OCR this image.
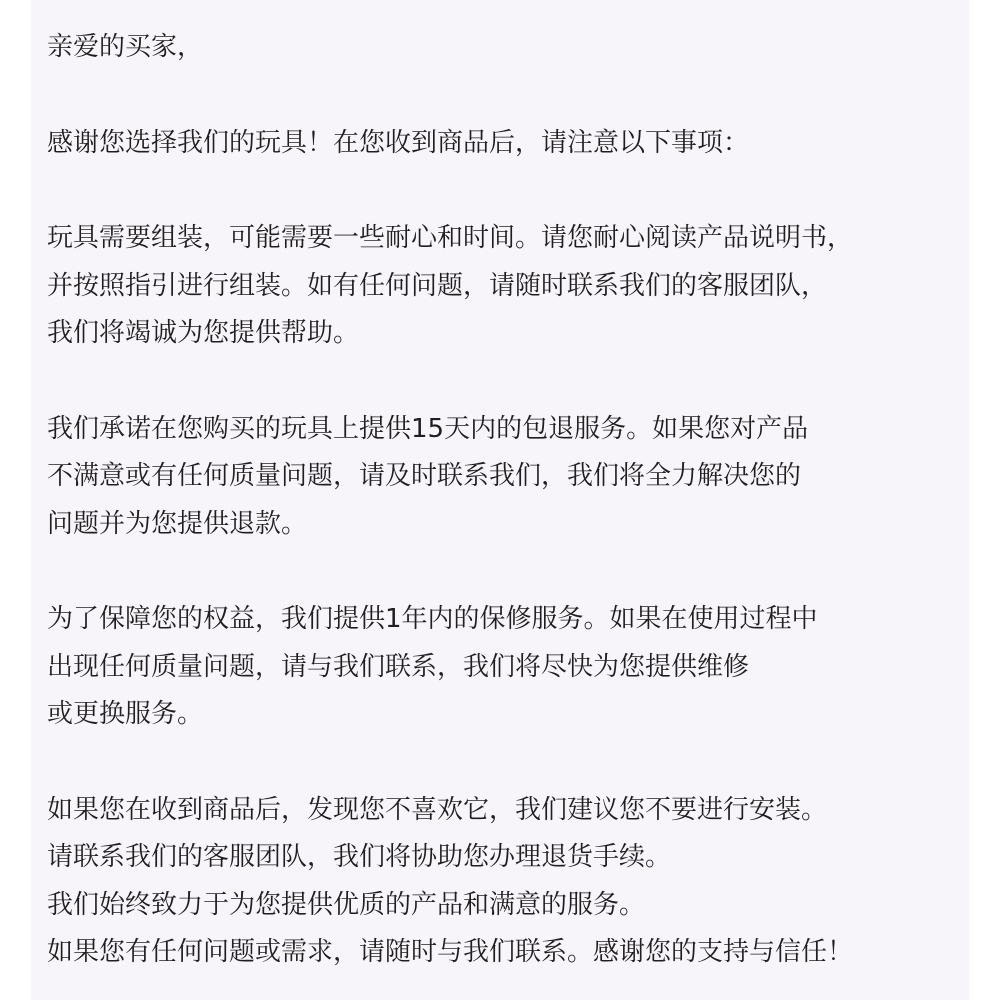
亲爱的买家，
感谢您选择我们的玩具！在您收到商品后，请注意以下事项：
玩具需要组装，可能需要一些耐心和时间。请您耐心阅读产品说明书，
并按照指引进行组装。如有任何问题，请随时联系我们的客服团队，
我们将竭诚为您提供帮助。
我们承诺在您购买的玩具上提供15天内的包退服务。如果您对产品
不满意或有任何质量问题，请及时联系我们，我们将全力解决您的
问题并为您提供退款。
为了保障您的权益，我们提供1年内的保修服务。如果在使用过程中
出现任何质量问题，请与我们联系，我们将尽快为您提供维修
或更换服务。
如果您在收到商品后，发现您不喜欢它，我们建议您不要进行安装。
请联系我们的客服团队，我们将协助您办理退货手续。
我们始终致力于为您提供优质的产品和满意的服务。
如果您有任何问题或需求，请随时与我们联系。感谢您的支持与信任！
